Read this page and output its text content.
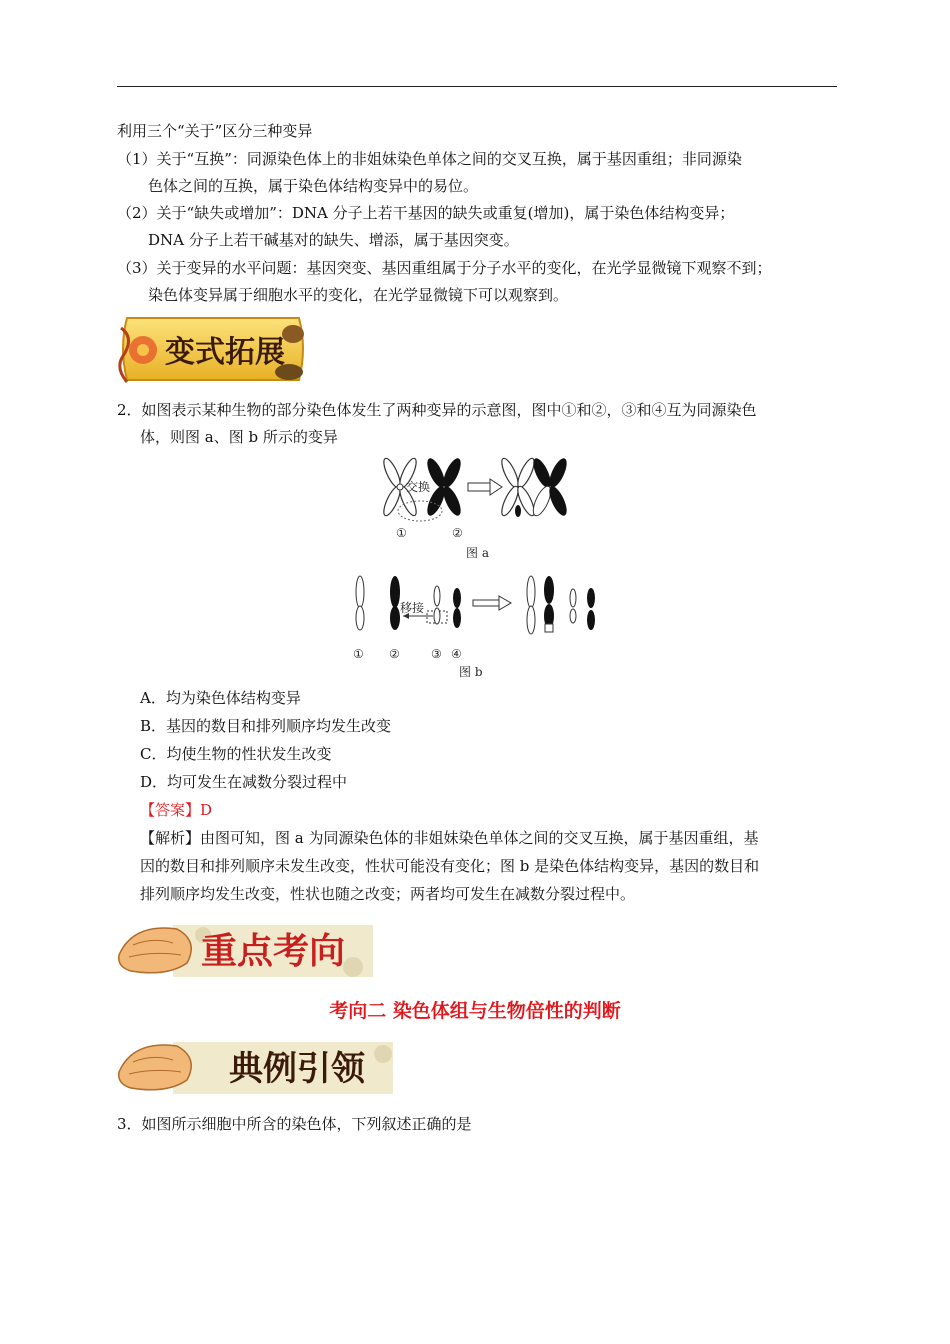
利用三个“关于”区分三种变异
（1）关于“互换”：同源染色体上的非姐妹染色单体之间的交叉互换，属于基因重组；非同源染
色体之间的互换，属于染色体结构变异中的易位。
（2）关于“缺失或增加”：DNA 分子上若干基因的缺失或重复(增加)，属于染色体结构变异；
DNA 分子上若干碱基对的缺失、增添，属于基因突变。
（3）关于变异的水平问题：基因突变、基因重组属于分子水平的变化，在光学显微镜下观察不到；
染色体变异属于细胞水平的变化，在光学显微镜下可以观察到。
变式拓展
2．如图表示某种生物的部分染色体发生了两种变异的示意图，图中①和②，③和④互为同源染色
体，则图 a、图 b 所示的变异
交换
①	②
图 a
移接
① ②	③ ④
图 b
A．均为染色体结构变异
B．基因的数目和排列顺序均发生改变
C．均使生物的性状发生改变
D．均可发生在减数分裂过程中
【答案】D
【解析】由图可知，图 a 为同源染色体的非姐妹染色单体之间的交叉互换，属于基因重组，基
因的数目和排列顺序未发生改变，性状可能没有变化；图 b 是染色体结构变异，基因的数目和
排列顺序均发生改变，性状也随之改变；两者均可发生在减数分裂过程中。
重点考向
考向二 染色体组与生物倍性的判断
典例引领
3．如图所示细胞中所含的染色体，下列叙述正确的是
